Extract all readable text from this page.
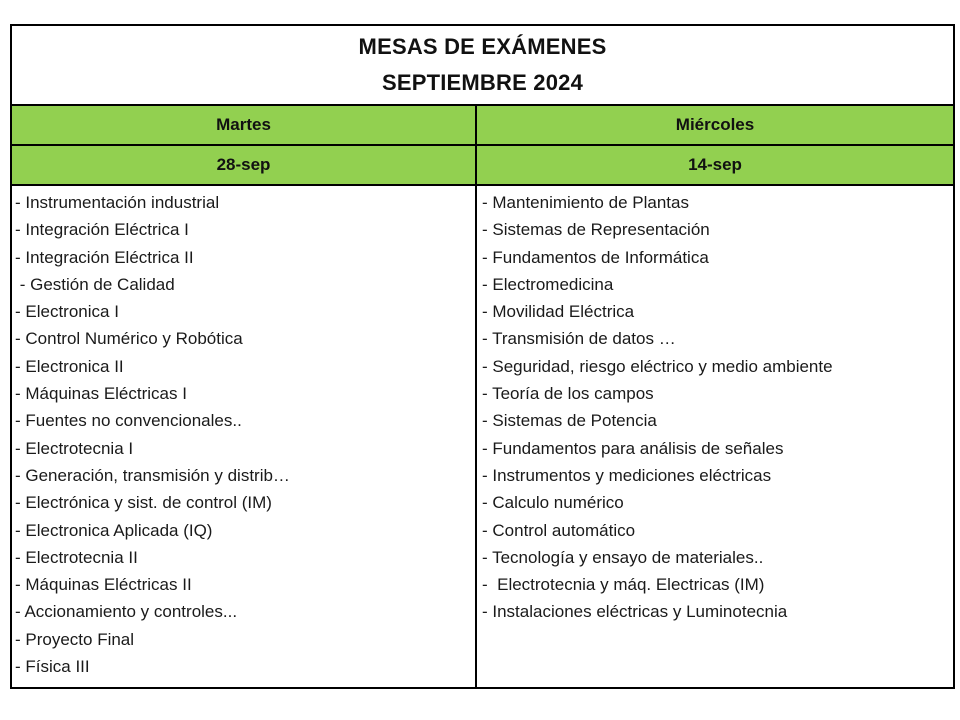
MESAS DE EXÁMENES
SEPTIEMBRE 2024
Martes	Miércoles
28-sep	14-sep
- Instrumentación industrial
- Integración Eléctrica I
- Integración Eléctrica II
- Gestión de Calidad
- Electronica I
- Control Numérico y Robótica
- Electronica II
- Máquinas Eléctricas I
- Fuentes no convencionales..
- Electrotecnia I
- Generación, transmisión y distrib…
- Electrónica y sist. de control (IM)
- Electronica Aplicada (IQ)
- Electrotecnia II
- Máquinas Eléctricas II
- Accionamiento y controles...
- Proyecto Final
- Física III
- Mantenimiento de Plantas
- Sistemas de Representación
- Fundamentos de Informática
- Electromedicina
- Movilidad Eléctrica
- Transmisión de datos …
- Seguridad, riesgo eléctrico y medio ambiente
- Teoría de los campos
- Sistemas de Potencia
- Fundamentos para análisis de señales
- Instrumentos y mediciones eléctricas
- Calculo numérico
- Control automático
- Tecnología y ensayo de materiales..
-  Electrotecnia y máq. Electricas (IM)
- Instalaciones eléctricas y Luminotecnia
